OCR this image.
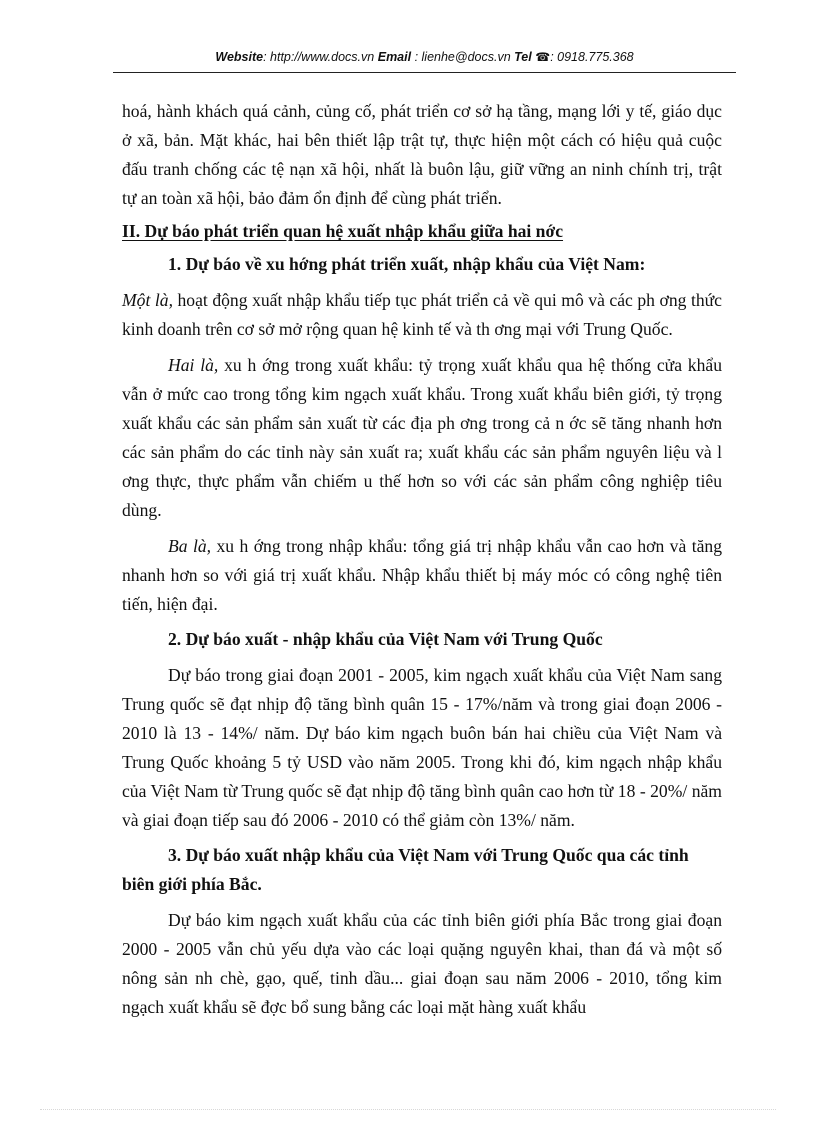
Website: http://www.docs.vn Email : lienhe@docs.vn Tel ☎: 0918.775.368

hoá, hành khách quá cảnh, củng cố, phát triển cơ sở hạ tầng, mạng lới y tế, giáo dục ở xã, bản. Mặt khác, hai bên thiết lập trật tự, thực hiện một cách có hiệu quả cuộc đấu tranh chống các tệ nạn xã hội, nhất là buôn lậu, giữ vững an ninh chính trị, trật tự an toàn xã hội, bảo đảm ổn định để cùng phát triển.

II. Dự báo phát triển quan hệ xuất nhập khẩu giữa hai nớc
1. Dự báo về xu hớng phát triển xuất, nhập khẩu của Việt Nam:

Một là, hoạt động xuất nhập khẩu tiếp tục phát triển cả về qui mô và các ph ơng thức kinh doanh trên cơ sở mở rộng quan hệ kinh tế và th ơng mại với Trung Quốc.

Hai là, xu h ớng trong xuất khẩu: tỷ trọng xuất khẩu qua hệ thống cửa khẩu vẫn ở mức cao trong tổng kim ngạch xuất khẩu. Trong xuất khẩu biên giới, tỷ trọng xuất khẩu các sản phẩm sản xuất từ các địa ph ơng trong cả n ớc sẽ tăng nhanh hơn các sản phẩm do các tỉnh này sản xuất ra; xuất khẩu các sản phẩm nguyên liệu và l ơng thực, thực phẩm vẫn chiếm u thế hơn so với các sản phẩm công nghiệp tiêu dùng.

Ba là, xu h ớng trong nhập khẩu: tổng giá trị nhập khẩu vẫn cao hơn và tăng nhanh hơn so với giá trị xuất khẩu. Nhập khẩu thiết bị máy móc có công nghệ tiên tiến, hiện đại.

2. Dự báo xuất - nhập khẩu của Việt Nam với Trung Quốc

Dự báo trong giai đoạn 2001 - 2005, kim ngạch xuất khẩu của Việt Nam sang Trung quốc sẽ đạt nhịp độ tăng bình quân 15 - 17%/năm và trong giai đoạn 2006 - 2010 là 13 - 14%/ năm. Dự báo kim ngạch buôn bán hai chiều của Việt Nam và Trung Quốc khoảng 5 tỷ USD vào năm 2005. Trong khi đó, kim ngạch nhập khẩu của Việt Nam từ Trung quốc sẽ đạt nhịp độ tăng bình quân cao hơn từ 18 - 20%/ năm và giai đoạn tiếp sau đó 2006 - 2010 có thể giảm còn 13%/ năm.

3. Dự báo xuất nhập khẩu của Việt Nam với Trung Quốc qua các tỉnh biên giới phía Bắc.

Dự báo kim ngạch xuất khẩu của các tỉnh biên giới phía Bắc trong giai đoạn 2000 - 2005 vẫn chủ yếu dựa vào các loại quặng nguyên khai, than đá và một số nông sản nh chè, gạo, quế, tinh dầu... giai đoạn sau năm 2006 - 2010, tổng kim ngạch xuất khẩu sẽ đợc bổ sung bằng các loại mặt hàng xuất khẩu
